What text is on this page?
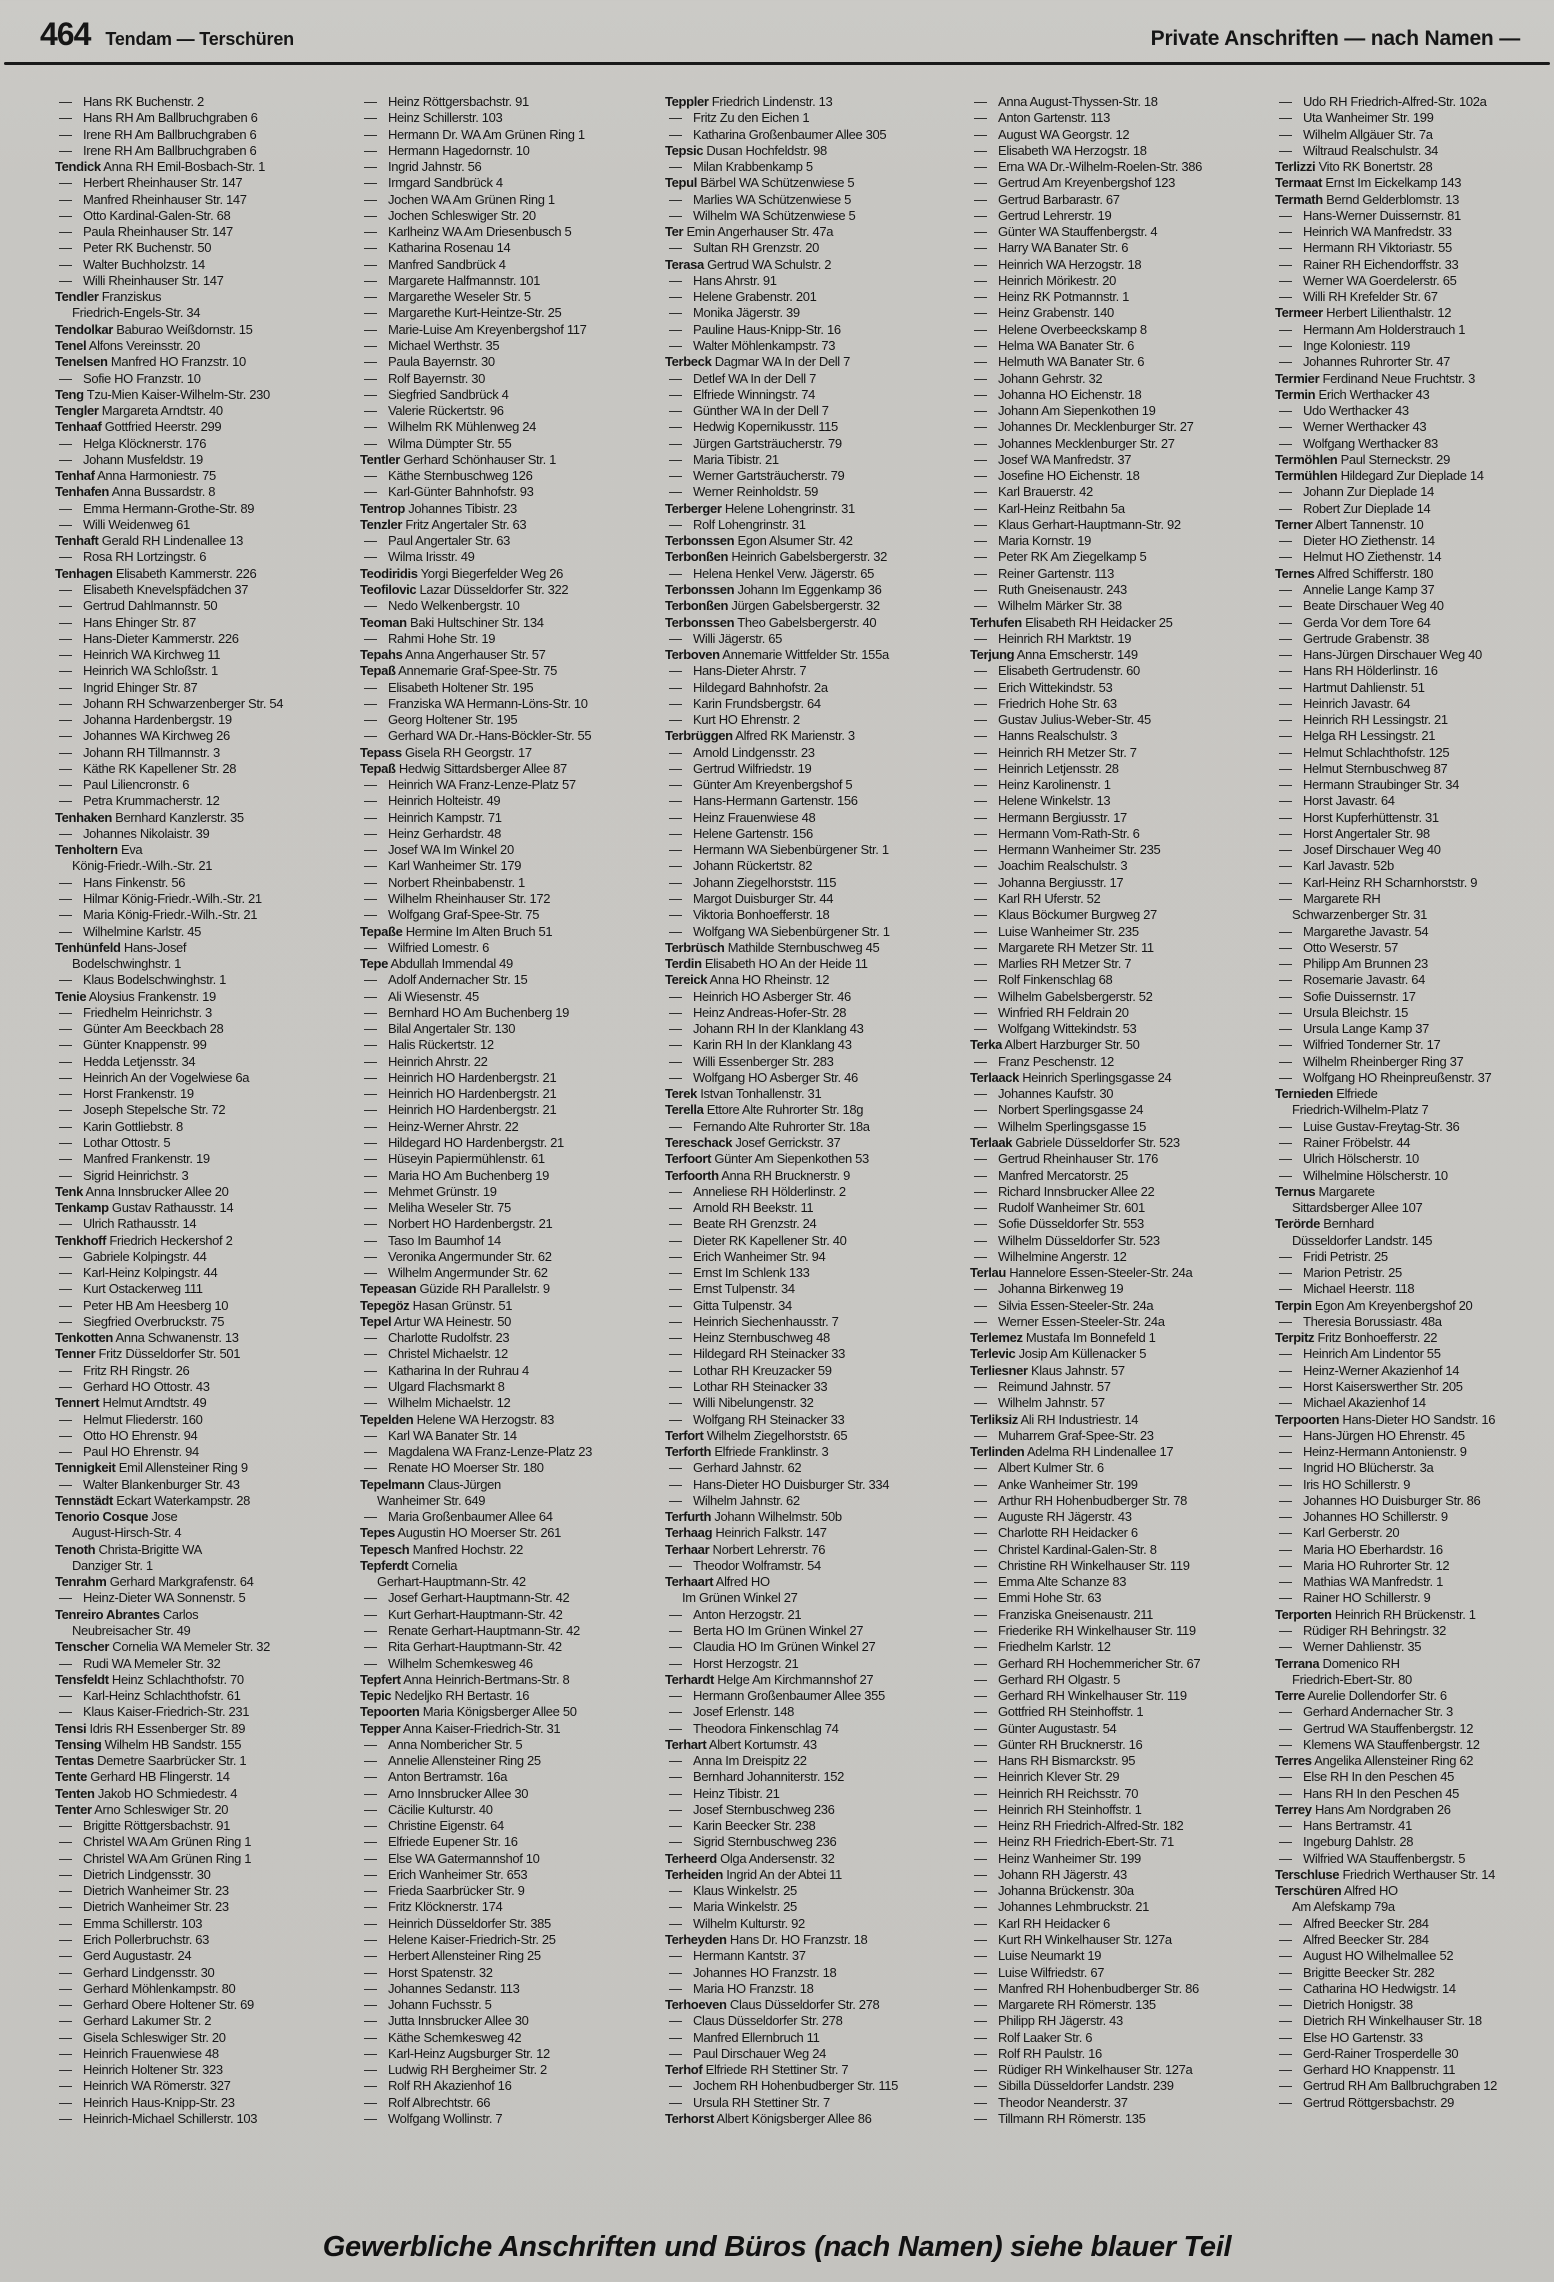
464 Tendam — Terschüren	Private Anschriften — nach Namen —
— Hans RK Buchenstr. 2
— Hans RH Am Ballbruchgraben 6
— Irene RH Am Ballbruchgraben 6
— Irene RH Am Ballbruchgraben 6
Tendick Anna RH Emil-Bosbach-Str. 1
— Herbert Rheinhauser Str. 147
— Manfred Rheinhauser Str. 147
— Otto Kardinal-Galen-Str. 68
— Paula Rheinhauser Str. 147
— Peter RK Buchenstr. 50
— Walter Buchholzstr. 14
— Willi Rheinhauser Str. 147
Tendler Franziskus
Friedrich-Engels-Str. 34
Tendolkar Baburao Weißdornstr. 15
Tenel Alfons Vereinsstr. 20
Tenelsen Manfred HO Franzstr. 10
— Sofie HO Franzstr. 10
Teng Tzu-Mien Kaiser-Wilhelm-Str. 230
Tengler Margareta Arndtstr. 40
Tenhaaf Gottfried Heerstr. 299
— Helga Klöcknerstr. 176
— Johann Musfeldstr. 19
Tenhaf Anna Harmoniestr. 75
Tenhafen Anna Bussardstr. 8
— Emma Hermann-Grothe-Str. 89
— Willi Weidenweg 61
Tenhaft Gerald RH Lindenallee 13
— Rosa RH Lortzingstr. 6
Tenhagen Elisabeth Kammerstr. 226
— Elisabeth Knevelspfädchen 37
— Gertrud Dahlmannstr. 50
— Hans Ehinger Str. 87
— Hans-Dieter Kammerstr. 226
— Heinrich WA Kirchweg 11
— Heinrich WA Schloßstr. 1
— Ingrid Ehinger Str. 87
— Johann RH Schwarzenberger Str. 54
— Johanna Hardenbergstr. 19
— Johannes WA Kirchweg 26
— Johann RH Tillmannstr. 3
— Käthe RK Kapellener Str. 28
— Paul Liliencronstr. 6
— Petra Krummacherstr. 12
Tenhaken Bernhard Kanzlerstr. 35
— Johannes Nikolaistr. 39
Tenholtern Eva
König-Friedr.-Wilh.-Str. 21
— Hans Finkenstr. 56
— Hilmar König-Friedr.-Wilh.-Str. 21
— Maria König-Friedr.-Wilh.-Str. 21
— Wilhelmine Karlstr. 45
Tenhünfeld Hans-Josef
Bodelschwinghstr. 1
— Klaus Bodelschwinghstr. 1
Tenie Aloysius Frankenstr. 19
— Friedhelm Heinrichstr. 3
— Günter Am Beeckbach 28
— Günter Knappenstr. 99
— Hedda Letjensstr. 34
— Heinrich An der Vogelwiese 6a
— Horst Frankenstr. 19
— Joseph Stepelsche Str. 72
— Karin Gottliebstr. 8
— Lothar Ottostr. 5
— Manfred Frankenstr. 19
— Sigrid Heinrichstr. 3
Tenk Anna Innsbrucker Allee 20
Tenkamp Gustav Rathausstr. 14
— Ulrich Rathausstr. 14
Tenkhoff Friedrich Heckershof 2
— Gabriele Kolpingstr. 44
— Karl-Heinz Kolpingstr. 44
— Kurt Ostackerweg 111
— Peter HB Am Heesberg 10
— Siegfried Overbruckstr. 75
Tenkotten Anna Schwanenstr. 13
Tenner Fritz Düsseldorfer Str. 501
— Fritz RH Ringstr. 26
— Gerhard HO Ottostr. 43
Tennert Helmut Arndtstr. 49
— Helmut Fliederstr. 160
— Otto HO Ehrenstr. 94
— Paul HO Ehrenstr. 94
Tennigkeit Emil Allensteiner Ring 9
— Walter Blankenburger Str. 43
Tennstädt Eckart Waterkampstr. 28
Tenorio Cosque Jose
August-Hirsch-Str. 4
Tenoth Christa-Brigitte WA
Danziger Str. 1
Tenrahm Gerhard Markgrafenstr. 64
— Heinz-Dieter WA Sonnenstr. 5
Tenreiro Abrantes Carlos
Neubreisacher Str. 49
Tenscher Cornelia WA Memeler Str. 32
— Rudi WA Memeler Str. 32
Tensfeldt Heinz Schlachthofstr. 70
— Karl-Heinz Schlachthofstr. 61
— Klaus Kaiser-Friedrich-Str. 231
Tensi Idris RH Essenberger Str. 89
Tensing Wilhelm HB Sandstr. 155
Tentas Demetre Saarbrücker Str. 1
Tente Gerhard HB Flingerstr. 14
Tenten Jakob HO Schmiedestr. 4
Tenter Arno Schleswiger Str. 20
— Brigitte Röttgersbachstr. 91
— Christel WA Am Grünen Ring 1
— Christel WA Am Grünen Ring 1
— Dietrich Lindgensstr. 30
— Dietrich Wanheimer Str. 23
— Dietrich Wanheimer Str. 23
— Emma Schillerstr. 103
— Erich Pollerbruchstr. 63
— Gerd Augustastr. 24
— Gerhard Lindgensstr. 30
— Gerhard Möhlenkampstr. 80
— Gerhard Obere Holtener Str. 69
— Gerhard Lakumer Str. 2
— Gisela Schleswiger Str. 20
— Heinrich Frauenwiese 48
— Heinrich Holtener Str. 323
— Heinrich WA Römerstr. 327
— Heinrich Haus-Knipp-Str. 23
— Heinrich-Michael Schillerstr. 103
— Heinz Röttgersbachstr. 91
— Heinz Schillerstr. 103
— Hermann Dr. WA Am Grünen Ring 1
— Hermann Hagedornstr. 10
— Ingrid Jahnstr. 56
— Irmgard Sandbrück 4
— Jochen WA Am Grünen Ring 1
— Jochen Schleswiger Str. 20
— Karlheinz WA Am Driesenbusch 5
— Katharina Rosenau 14
— Manfred Sandbrück 4
— Margarete Halfmannstr. 101
— Margarethe Weseler Str. 5
— Margarethe Kurt-Heintze-Str. 25
— Marie-Luise Am Kreyenbergshof 117
— Michael Werthstr. 35
— Paula Bayernstr. 30
— Rolf Bayernstr. 30
— Siegfried Sandbrück 4
— Valerie Rückertstr. 96
— Wilhelm RK Mühlenweg 24
— Wilma Dümpter Str. 55
Tentler Gerhard Schönhauser Str. 1
— Käthe Sternbuschweg 126
— Karl-Günter Bahnhofstr. 93
Tentrop Johannes Tibistr. 23
Tenzler Fritz Angertaler Str. 63
— Paul Angertaler Str. 63
— Wilma Irisstr. 49
Teodiridis Yorgi Biegerfelder Weg 26
Teofilovic Lazar Düsseldorfer Str. 322
— Nedo Welkenbergstr. 10
Teoman Baki Hultschiner Str. 134
— Rahmi Hohe Str. 19
Tepahs Anna Angerhauser Str. 57
Tepaß Annemarie Graf-Spee-Str. 75
— Elisabeth Holtener Str. 195
— Franziska WA Hermann-Löns-Str. 10
— Georg Holtener Str. 195
— Gerhard WA Dr.-Hans-Böckler-Str. 55
Tepass Gisela RH Georgstr. 17
Tepaß Hedwig Sittardsberger Allee 87
— Heinrich WA Franz-Lenze-Platz 57
— Heinrich Holteistr. 49
— Heinrich Kampstr. 71
— Heinz Gerhardstr. 48
— Josef WA Im Winkel 20
— Karl Wanheimer Str. 179
— Norbert Rheinbabenstr. 1
— Wilhelm Rheinhauser Str. 172
— Wolfgang Graf-Spee-Str. 75
Tepaße Hermine Im Alten Bruch 51
— Wilfried Lomestr. 6
Tepe Abdullah Immendal 49
— Adolf Andernacher Str. 15
— Ali Wiesenstr. 45
— Bernhard HO Am Buchenberg 19
— Bilal Angertaler Str. 130
— Halis Rückertstr. 12
— Heinrich Ahrstr. 22
— Heinrich HO Hardenbergstr. 21
— Heinrich HO Hardenbergstr. 21
— Heinrich HO Hardenbergstr. 21
— Heinz-Werner Ahrstr. 22
— Hildegard HO Hardenbergstr. 21
— Hüseyin Papiermühlenstr. 61
— Maria HO Am Buchenberg 19
— Mehmet Grünstr. 19
— Meliha Weseler Str. 75
— Norbert HO Hardenbergstr. 21
— Taso Im Baumhof 14
— Veronika Angermunder Str. 62
— Wilhelm Angermunder Str. 62
Tepeasan Güzide RH Parallelstr. 9
Tepegöz Hasan Grünstr. 51
Tepel Artur WA Heinestr. 50
— Charlotte Rudolfstr. 23
— Christel Michaelstr. 12
— Katharina In der Ruhrau 4
— Ulgard Flachsmarkt 8
— Wilhelm Michaelstr. 12
Tepelden Helene WA Herzogstr. 83
— Karl WA Banater Str. 14
— Magdalena WA Franz-Lenze-Platz 23
— Renate HO Moerser Str. 180
Tepelmann Claus-Jürgen
Wanheimer Str. 649
— Maria Großenbaumer Allee 64
Tepes Augustin HO Moerser Str. 261
Tepesch Manfred Hochstr. 22
Tepferdt Cornelia
Gerhart-Hauptmann-Str. 42
— Josef Gerhart-Hauptmann-Str. 42
— Kurt Gerhart-Hauptmann-Str. 42
— Renate Gerhart-Hauptmann-Str. 42
— Rita Gerhart-Hauptmann-Str. 42
— Wilhelm Schemkesweg 46
Tepfert Anna Heinrich-Bertmans-Str. 8
Tepic Nedeljko RH Bertastr. 16
Tepoorten Maria Königsberger Allee 50
Tepper Anna Kaiser-Friedrich-Str. 31
— Anna Nombericher Str. 5
— Annelie Allensteiner Ring 25
— Anton Bertramstr. 16a
— Arno Innsbrucker Allee 30
— Cäcilie Kulturstr. 40
— Christine Eigenstr. 64
— Elfriede Eupener Str. 16
— Else WA Gatermannshof 10
— Erich Wanheimer Str. 653
— Frieda Saarbrücker Str. 9
— Fritz Klöcknerstr. 174
— Heinrich Düsseldorfer Str. 385
— Helene Kaiser-Friedrich-Str. 25
— Herbert Allensteiner Ring 25
— Horst Spatenstr. 32
— Johannes Sedanstr. 113
— Johann Fuchsstr. 5
— Jutta Innsbrucker Allee 30
— Käthe Schemkesweg 42
— Karl-Heinz Augsburger Str. 12
— Ludwig RH Bergheimer Str. 2
— Rolf RH Akazienhof 16
— Rolf Albrechtstr. 66
— Wolfgang Wollinstr. 7
Teppler Friedrich Lindenstr. 13
— Fritz Zu den Eichen 1
— Katharina Großenbaumer Allee 305
Tepsic Dusan Hochfeldstr. 98
— Milan Krabbenkamp 5
Tepul Bärbel WA Schützenwiese 5
— Marlies WA Schützenwiese 5
— Wilhelm WA Schützenwiese 5
Ter Emin Angerhauser Str. 47a
— Sultan RH Grenzstr. 20
Terasa Gertrud WA Schulstr. 2
— Hans Ahrstr. 91
— Helene Grabenstr. 201
— Monika Jägerstr. 39
— Pauline Haus-Knipp-Str. 16
— Walter Möhlenkampstr. 73
Terbeck Dagmar WA In der Dell 7
— Detlef WA In der Dell 7
— Elfriede Winningstr. 74
— Günther WA In der Dell 7
— Hedwig Kopernikusstr. 115
— Jürgen Gartsträucherstr. 79
— Maria Tibistr. 21
— Werner Gartsträucherstr. 79
— Werner Reinholdstr. 59
Terberger Helene Lohengrinstr. 31
— Rolf Lohengrinstr. 31
Terbonssen Egon Alsumer Str. 42
Terbonßen Heinrich Gabelsbergerstr. 32
— Helena Henkel Verw. Jägerstr. 65
Terbonssen Johann Im Eggenkamp 36
Terbonßen Jürgen Gabelsbergerstr. 32
Terbonssen Theo Gabelsbergerstr. 40
— Willi Jägerstr. 65
Terboven Annemarie Wittfelder Str. 155a
— Hans-Dieter Ahrstr. 7
— Hildegard Bahnhofstr. 2a
— Karin Frundsbergstr. 64
— Kurt HO Ehrenstr. 2
Terbrüggen Alfred RK Marienstr. 3
— Arnold Lindgensstr. 23
— Gertrud Wilfriedstr. 19
— Günter Am Kreyenbergshof 5
— Hans-Hermann Gartenstr. 156
— Heinz Frauenwiese 48
— Helene Gartenstr. 156
— Hermann WA Siebenbürgener Str. 1
— Johann Rückertstr. 82
— Johann Ziegelhorststr. 115
— Margot Duisburger Str. 44
— Viktoria Bonhoefferstr. 18
— Wolfgang WA Siebenbürgener Str. 1
Terbrüsch Mathilde Sternbuschweg 45
Terdin Elisabeth HO An der Heide 11
Tereick Anna HO Rheinstr. 12
— Heinrich HO Asberger Str. 46
— Heinz Andreas-Hofer-Str. 28
— Johann RH In der Klanklang 43
— Karin RH In der Klanklang 43
— Willi Essenberger Str. 283
— Wolfgang HO Asberger Str. 46
Terek Istvan Tonhallenstr. 31
Terella Ettore Alte Ruhrorter Str. 18g
— Fernando Alte Ruhrorter Str. 18a
Tereschack Josef Gerrickstr. 37
Terfoort Günter Am Siepenkothen 53
Terfoorth Anna RH Brucknerstr. 9
— Anneliese RH Hölderlinstr. 2
— Arnold RH Beekstr. 11
— Beate RH Grenzstr. 24
— Dieter RK Kapellener Str. 40
— Erich Wanheimer Str. 94
— Ernst Im Schlenk 133
— Ernst Tulpenstr. 34
— Gitta Tulpenstr. 34
— Heinrich Siechenhausstr. 7
— Heinz Sternbuschweg 48
— Hildegard RH Steinacker 33
— Lothar RH Kreuzacker 59
— Lothar RH Steinacker 33
— Willi Nibelungenstr. 32
— Wolfgang RH Steinacker 33
Terfort Wilhelm Ziegelhorststr. 65
Terforth Elfriede Franklinstr. 3
— Gerhard Jahnstr. 62
— Hans-Dieter HO Duisburger Str. 334
— Wilhelm Jahnstr. 62
Terfurth Johann Wilhelmstr. 50b
Terhaag Heinrich Falkstr. 147
Terhaar Norbert Lehrerstr. 76
— Theodor Wolframstr. 54
Terhaart Alfred HO
Im Grünen Winkel 27
— Anton Herzogstr. 21
— Berta HO Im Grünen Winkel 27
— Claudia HO Im Grünen Winkel 27
— Horst Herzogstr. 21
Terhardt Helge Am Kirchmannshof 27
— Hermann Großenbaumer Allee 355
— Josef Erlenstr. 148
— Theodora Finkenschlag 74
Terhart Albert Kortumstr. 43
— Anna Im Dreispitz 22
— Bernhard Johanniterstr. 152
— Heinz Tibistr. 21
— Josef Sternbuschweg 236
— Karin Beecker Str. 238
— Sigrid Sternbuschweg 236
Terheerd Olga Andersenstr. 32
Terheiden Ingrid An der Abtei 11
— Klaus Winkelstr. 25
— Maria Winkelstr. 25
— Wilhelm Kulturstr. 92
Terheyden Hans Dr. HO Franzstr. 18
— Hermann Kantstr. 37
— Johannes HO Franzstr. 18
— Maria HO Franzstr. 18
Terhoeven Claus Düsseldorfer Str. 278
— Claus Düsseldorfer Str. 278
— Manfred Ellernbruch 11
— Paul Dirschauer Weg 24
Terhof Elfriede RH Stettiner Str. 7
— Jochem RH Hohenbudberger Str. 115
— Ursula RH Stettiner Str. 7
Terhorst Albert Königsberger Allee 86
— Anna August-Thyssen-Str. 18
— Anton Gartenstr. 113
— August WA Georgstr. 12
— Elisabeth WA Herzogstr. 18
— Erna WA Dr.-Wilhelm-Roelen-Str. 386
— Gertrud Am Kreyenbergshof 123
— Gertrud Barbarastr. 67
— Gertrud Lehrerstr. 19
— Günter WA Stauffenbergstr. 4
— Harry WA Banater Str. 6
— Heinrich WA Herzogstr. 18
— Heinrich Mörikestr. 20
— Heinz RK Potmannstr. 1
— Heinz Grabenstr. 140
— Helene Overbeeckskamp 8
— Helma WA Banater Str. 6
— Helmuth WA Banater Str. 6
— Johann Gehrstr. 32
— Johanna HO Eichenstr. 18
— Johann Am Siepenkothen 19
— Johannes Dr. Mecklenburger Str. 27
— Johannes Mecklenburger Str. 27
— Josef WA Manfredstr. 37
— Josefine HO Eichenstr. 18
— Karl Brauerstr. 42
— Karl-Heinz Reitbahn 5a
— Klaus Gerhart-Hauptmann-Str. 92
— Maria Kornstr. 19
— Peter RK Am Ziegelkamp 5
— Reiner Gartenstr. 113
— Ruth Gneisenaustr. 243
— Wilhelm Märker Str. 38
Terhufen Elisabeth RH Heidacker 25
— Heinrich RH Marktstr. 19
Terjung Anna Emscherstr. 149
— Elisabeth Gertrudenstr. 60
— Erich Wittekindstr. 53
— Friedrich Hohe Str. 63
— Gustav Julius-Weber-Str. 45
— Hanns Realschulstr. 3
— Heinrich RH Metzer Str. 7
— Heinrich Letjensstr. 28
— Heinz Karolinenstr. 1
— Helene Winkelstr. 13
— Hermann Bergiusstr. 17
— Hermann Vom-Rath-Str. 6
— Hermann Wanheimer Str. 235
— Joachim Realschulstr. 3
— Johanna Bergiusstr. 17
— Karl RH Uferstr. 52
— Klaus Böckumer Burgweg 27
— Luise Wanheimer Str. 235
— Margarete RH Metzer Str. 11
— Marlies RH Metzer Str. 7
— Rolf Finkenschlag 68
— Wilhelm Gabelsbergerstr. 52
— Winfried RH Feldrain 20
— Wolfgang Wittekindstr. 53
Terka Albert Harzburger Str. 50
— Franz Peschenstr. 12
Terlaack Heinrich Sperlingsgasse 24
— Johannes Kaufstr. 30
— Norbert Sperlingsgasse 24
— Wilhelm Sperlingsgasse 15
Terlaak Gabriele Düsseldorfer Str. 523
— Gertrud Rheinhauser Str. 176
— Manfred Mercatorstr. 25
— Richard Innsbrucker Allee 22
— Rudolf Wanheimer Str. 601
— Sofie Düsseldorfer Str. 553
— Wilhelm Düsseldorfer Str. 523
— Wilhelmine Angerstr. 12
Terlau Hannelore Essen-Steeler-Str. 24a
— Johanna Birkenweg 19
— Silvia Essen-Steeler-Str. 24a
— Werner Essen-Steeler-Str. 24a
Terlemez Mustafa Im Bonnefeld 1
Terlevic Josip Am Küllenacker 5
Terliesner Klaus Jahnstr. 57
— Reimund Jahnstr. 57
— Wilhelm Jahnstr. 57
Terliksiz Ali RH Industriestr. 14
— Muharrem Graf-Spee-Str. 23
Terlinden Adelma RH Lindenallee 17
— Albert Kulmer Str. 6
— Anke Wanheimer Str. 199
— Arthur RH Hohenbudberger Str. 78
— Auguste RH Jägerstr. 43
— Charlotte RH Heidacker 6
— Christel Kardinal-Galen-Str. 8
— Christine RH Winkelhauser Str. 119
— Emma Alte Schanze 83
— Emmi Hohe Str. 63
— Franziska Gneisenaustr. 211
— Friederike RH Winkelhauser Str. 119
— Friedhelm Karlstr. 12
— Gerhard RH Hochemmericher Str. 67
— Gerhard RH Olgastr. 5
— Gerhard RH Winkelhauser Str. 119
— Gottfried RH Steinhoffstr. 1
— Günter Augustastr. 54
— Günter RH Brucknerstr. 16
— Hans RH Bismarckstr. 95
— Heinrich Klever Str. 29
— Heinrich RH Reichsstr. 70
— Heinrich RH Steinhoffstr. 1
— Heinz RH Friedrich-Alfred-Str. 182
— Heinz RH Friedrich-Ebert-Str. 71
— Heinz Wanheimer Str. 199
— Johann RH Jägerstr. 43
— Johanna Brückenstr. 30a
— Johannes Lehmbruckstr. 21
— Karl RH Heidacker 6
— Kurt RH Winkelhauser Str. 127a
— Luise Neumarkt 19
— Luise Wilfriedstr. 67
— Manfred RH Hohenbudberger Str. 86
— Margarete RH Römerstr. 135
— Philipp RH Jägerstr. 43
— Rolf Laaker Str. 6
— Rolf RH Paulstr. 16
— Rüdiger RH Winkelhauser Str. 127a
— Sibilla Düsseldorfer Landstr. 239
— Theodor Neanderstr. 37
— Tillmann RH Römerstr. 135
— Udo RH Friedrich-Alfred-Str. 102a
— Uta Wanheimer Str. 199
— Wilhelm Allgäuer Str. 7a
— Wiltraud Realschulstr. 34
Terlizzi Vito RK Bonertstr. 28
Termaat Ernst Im Eickelkamp 143
Termath Bernd Gelderblomstr. 13
— Hans-Werner Duissernstr. 81
— Heinrich WA Manfredstr. 33
— Hermann RH Viktoriastr. 55
— Rainer RH Eichendorffstr. 33
— Werner WA Goerdelerstr. 65
— Willi RH Krefelder Str. 67
Termeer Herbert Lilienthalstr. 12
— Hermann Am Holderstrauch 1
— Inge Koloniestr. 119
— Johannes Ruhrorter Str. 47
Termier Ferdinand Neue Fruchtstr. 3
Termin Erich Werthacker 43
— Udo Werthacker 43
— Werner Werthacker 43
— Wolfgang Werthacker 83
Termöhlen Paul Sterneckstr. 29
Termühlen Hildegard Zur Dieplade 14
— Johann Zur Dieplade 14
— Robert Zur Dieplade 14
Terner Albert Tannenstr. 10
— Dieter HO Ziethenstr. 14
— Helmut HO Ziethenstr. 14
Ternes Alfred Schifferstr. 180
— Annelie Lange Kamp 37
— Beate Dirschauer Weg 40
— Gerda Vor dem Tore 64
— Gertrude Grabenstr. 38
— Hans-Jürgen Dirschauer Weg 40
— Hans RH Hölderlinstr. 16
— Hartmut Dahlienstr. 51
— Heinrich Javastr. 64
— Heinrich RH Lessingstr. 21
— Helga RH Lessingstr. 21
— Helmut Schlachthofstr. 125
— Helmut Sternbuschweg 87
— Hermann Straubinger Str. 34
— Horst Javastr. 64
— Horst Kupferhüttenstr. 31
— Horst Angertaler Str. 98
— Josef Dirschauer Weg 40
— Karl Javastr. 52b
— Karl-Heinz RH Scharnhorststr. 9
— Margarete RH
Schwarzenberger Str. 31
— Margarethe Javastr. 54
— Otto Weserstr. 57
— Philipp Am Brunnen 23
— Rosemarie Javastr. 64
— Sofie Duissernstr. 17
— Ursula Bleichstr. 15
— Ursula Lange Kamp 37
— Wilfried Tonderner Str. 17
— Wilhelm Rheinberger Ring 37
— Wolfgang HO Rheinpreußenstr. 37
Ternieden Elfriede
Friedrich-Wilhelm-Platz 7
— Luise Gustav-Freytag-Str. 36
— Rainer Fröbelstr. 44
— Ulrich Hölscherstr. 10
— Wilhelmine Hölscherstr. 10
Ternus Margarete
Sittardsberger Allee 107
Terörde Bernhard
Düsseldorfer Landstr. 145
— Fridi Petristr. 25
— Marion Petristr. 25
— Michael Heerstr. 118
Terpin Egon Am Kreyenbergshof 20
— Theresia Borussiastr. 48a
Terpitz Fritz Bonhoefferstr. 22
— Heinrich Am Lindentor 55
— Heinz-Werner Akazienhof 14
— Horst Kaiserswerther Str. 205
— Michael Akazienhof 14
Terpoorten Hans-Dieter HO Sandstr. 16
— Hans-Jürgen HO Ehrenstr. 45
— Heinz-Hermann Antonienstr. 9
— Ingrid HO Blücherstr. 3a
— Iris HO Schillerstr. 9
— Johannes HO Duisburger Str. 86
— Johannes HO Schillerstr. 9
— Karl Gerberstr. 20
— Maria HO Eberhardstr. 16
— Maria HO Ruhrorter Str. 12
— Mathias WA Manfredstr. 1
— Rainer HO Schillerstr. 9
Terporten Heinrich RH Brückenstr. 1
— Rüdiger RH Behringstr. 32
— Werner Dahlienstr. 35
Terrana Domenico RH
Friedrich-Ebert-Str. 80
Terre Aurelie Dollendorfer Str. 6
— Gerhard Andernacher Str. 3
— Gertrud WA Stauffenbergstr. 12
— Klemens WA Stauffenbergstr. 12
Terres Angelika Allensteiner Ring 62
— Else RH In den Peschen 45
— Hans RH In den Peschen 45
Terrey Hans Am Nordgraben 26
— Hans Bertramstr. 41
— Ingeburg Dahlstr. 28
— Wilfried WA Stauffenbergstr. 5
Terschluse Friedrich Werthauser Str. 14
Terschüren Alfred HO
Am Alefskamp 79a
— Alfred Beecker Str. 284
— Alfred Beecker Str. 284
— August HO Wilhelmallee 52
— Brigitte Beecker Str. 282
— Catharina HO Hedwigstr. 14
— Dietrich Honigstr. 38
— Dietrich RH Winkelhauser Str. 18
— Else HO Gartenstr. 33
— Gerd-Rainer Trosperdelle 30
— Gerhard HO Knappenstr. 11
— Gertrud RH Am Ballbruchgraben 12
— Gertrud Röttgersbachstr. 29
Gewerbliche Anschriften und Büros (nach Namen) siehe blauer Teil
